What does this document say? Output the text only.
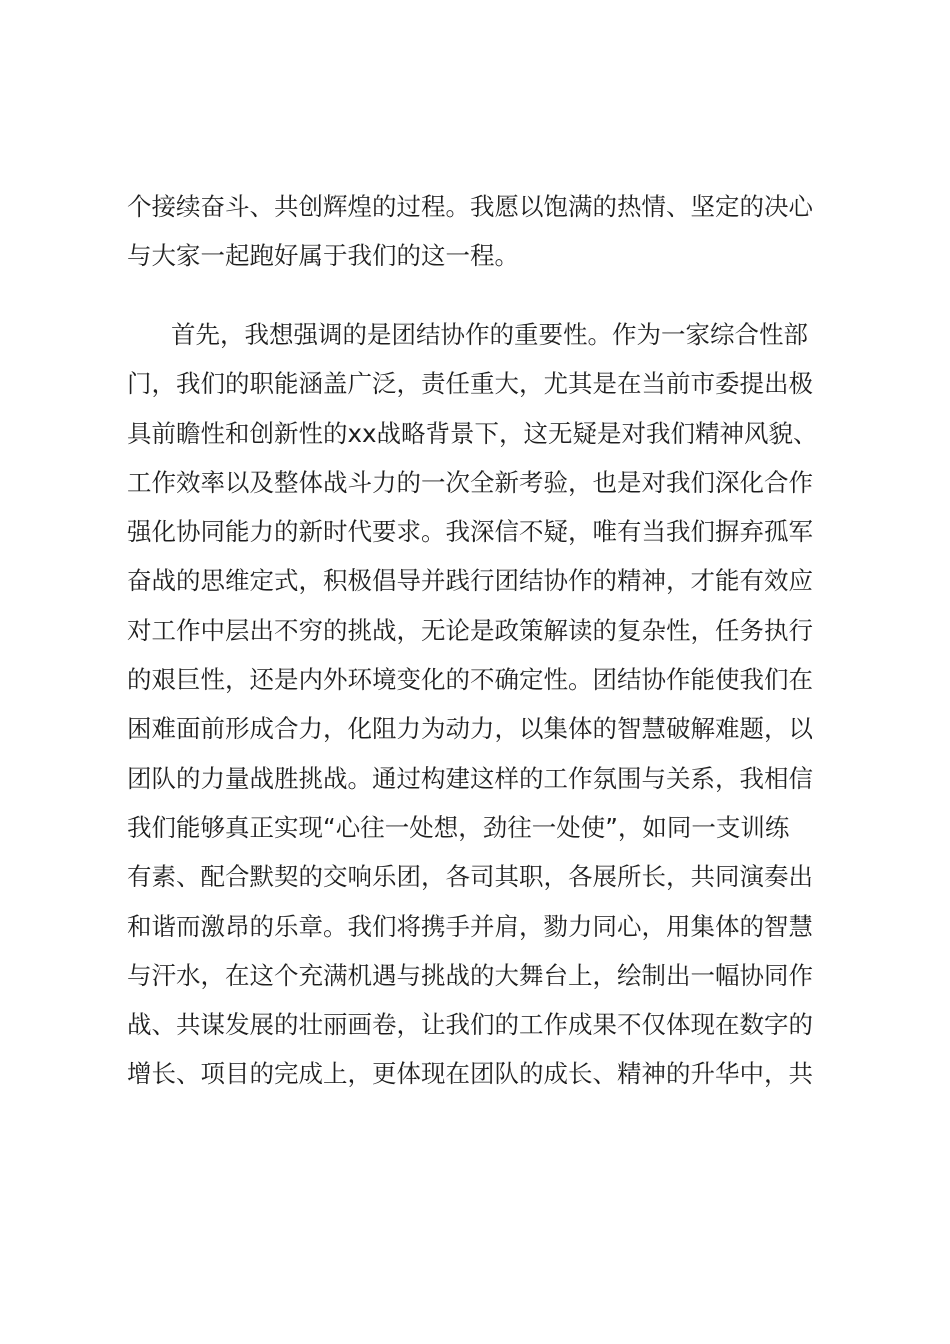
个接续奋斗、共创辉煌的过程。我愿以饱满的热情、坚定的决心
与大家一起跑好属于我们的这一程。
首先，我想强调的是团结协作的重要性。作为一家综合性部
门，我们的职能涵盖广泛，责任重大，尤其是在当前市委提出极
具前瞻性和创新性的xx战略背景下，这无疑是对我们精神风貌、
工作效率以及整体战斗力的一次全新考验，也是对我们深化合作
强化协同能力的新时代要求。我深信不疑，唯有当我们摒弃孤军
奋战的思维定式，积极倡导并践行团结协作的精神，才能有效应
对工作中层出不穷的挑战，无论是政策解读的复杂性，任务执行
的艰巨性，还是内外环境变化的不确定性。团结协作能使我们在
困难面前形成合力，化阻力为动力，以集体的智慧破解难题，以
团队的力量战胜挑战。通过构建这样的工作氛围与关系，我相信
我们能够真正实现“心往一处想，劲往一处使”，如同一支训练
有素、配合默契的交响乐团，各司其职，各展所长，共同演奏出
和谐而激昂的乐章。我们将携手并肩，勠力同心，用集体的智慧
与汗水，在这个充满机遇与挑战的大舞台上，绘制出一幅协同作
战、共谋发展的壮丽画卷，让我们的工作成果不仅体现在数字的
增长、项目的完成上，更体现在团队的成长、精神的升华中，共
